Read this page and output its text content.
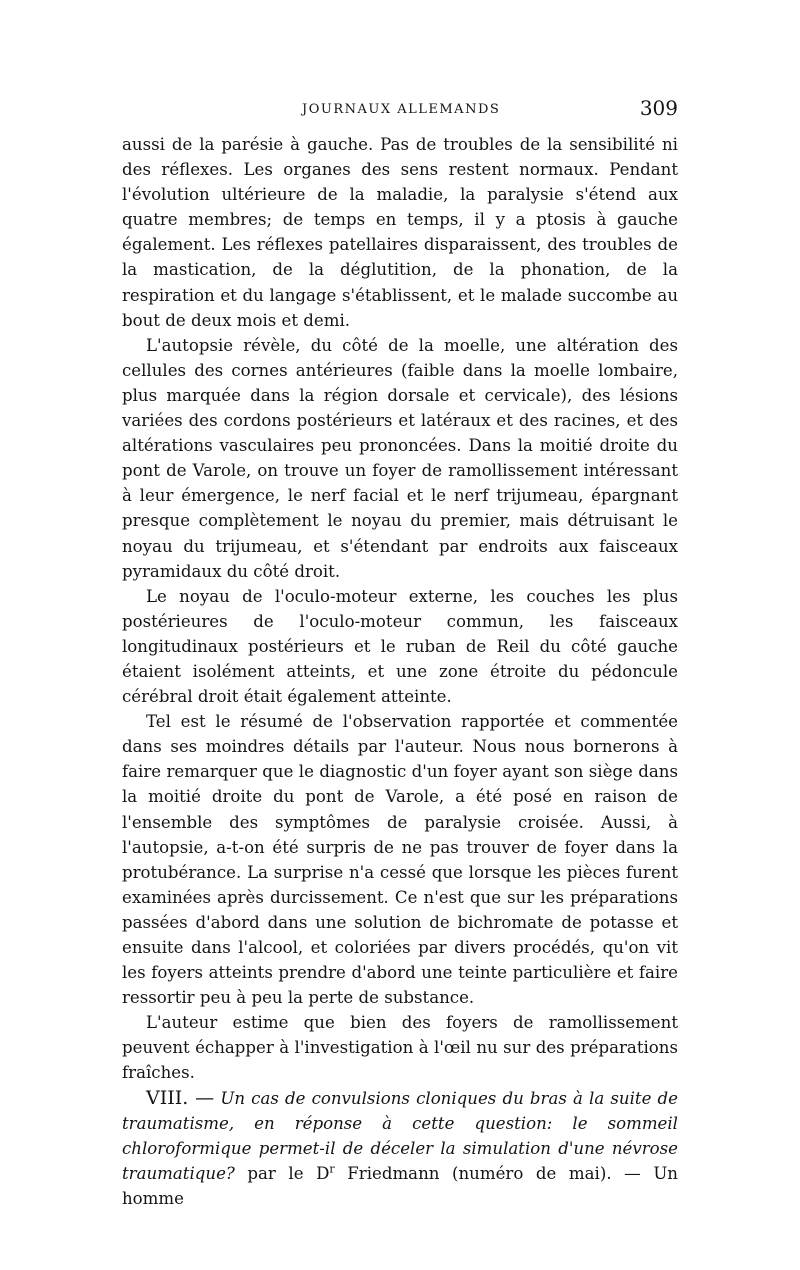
JOURNAUX ALLEMANDS	309

aussi de la parésie à gauche. Pas de troubles de la sensibilité ni des réflexes. Les organes des sens restent normaux. Pendant l'évolution ultérieure de la maladie, la paralysie s'étend aux quatre membres; de temps en temps, il y a ptosis à gauche également. Les réflexes patellaires disparaissent, des troubles de la mastication, de la déglutition, de la phonation, de la respiration et du langage s'établissent, et le malade succombe au bout de deux mois et demi.

L'autopsie révèle, du côté de la moelle, une altération des cellules des cornes antérieures (faible dans la moelle lombaire, plus marquée dans la région dorsale et cervicale), des lésions variées des cordons postérieurs et latéraux et des racines, et des altérations vasculaires peu prononcées. Dans la moitié droite du pont de Varole, on trouve un foyer de ramollissement intéressant à leur émergence, le nerf facial et le nerf trijumeau, épargnant presque complètement le noyau du premier, mais détruisant le noyau du trijumeau, et s'étendant par endroits aux faisceaux pyramidaux du côté droit.

Le noyau de l'oculo-moteur externe, les couches les plus postérieures de l'oculo-moteur commun, les faisceaux longitudinaux postérieurs et le ruban de Reil du côté gauche étaient isolément atteints, et une zone étroite du pédoncule cérébral droit était également atteinte.

Tel est le résumé de l'observation rapportée et commentée dans ses moindres détails par l'auteur. Nous nous bornerons à faire remarquer que le diagnostic d'un foyer ayant son siège dans la moitié droite du pont de Varole, a été posé en raison de l'ensemble des symptômes de paralysie croisée. Aussi, à l'autopsie, a-t-on été surpris de ne pas trouver de foyer dans la protubérance. La surprise n'a cessé que lorsque les pièces furent examinées après durcissement. Ce n'est que sur les préparations passées d'abord dans une solution de bichromate de potasse et ensuite dans l'alcool, et coloriées par divers procédés, qu'on vit les foyers atteints prendre d'abord une teinte particulière et faire ressortir peu à peu la perte de substance.

L'auteur estime que bien des foyers de ramollissement peuvent échapper à l'investigation à l'œil nu sur des préparations fraîches.

VIII. — Un cas de convulsions cloniques du bras à la suite de traumatisme, en réponse à cette question: le sommeil chloroformique permet-il de déceler la simulation d'une névrose traumatique? par le $D^r$ Friedmann (numéro de mai). — Un homme
